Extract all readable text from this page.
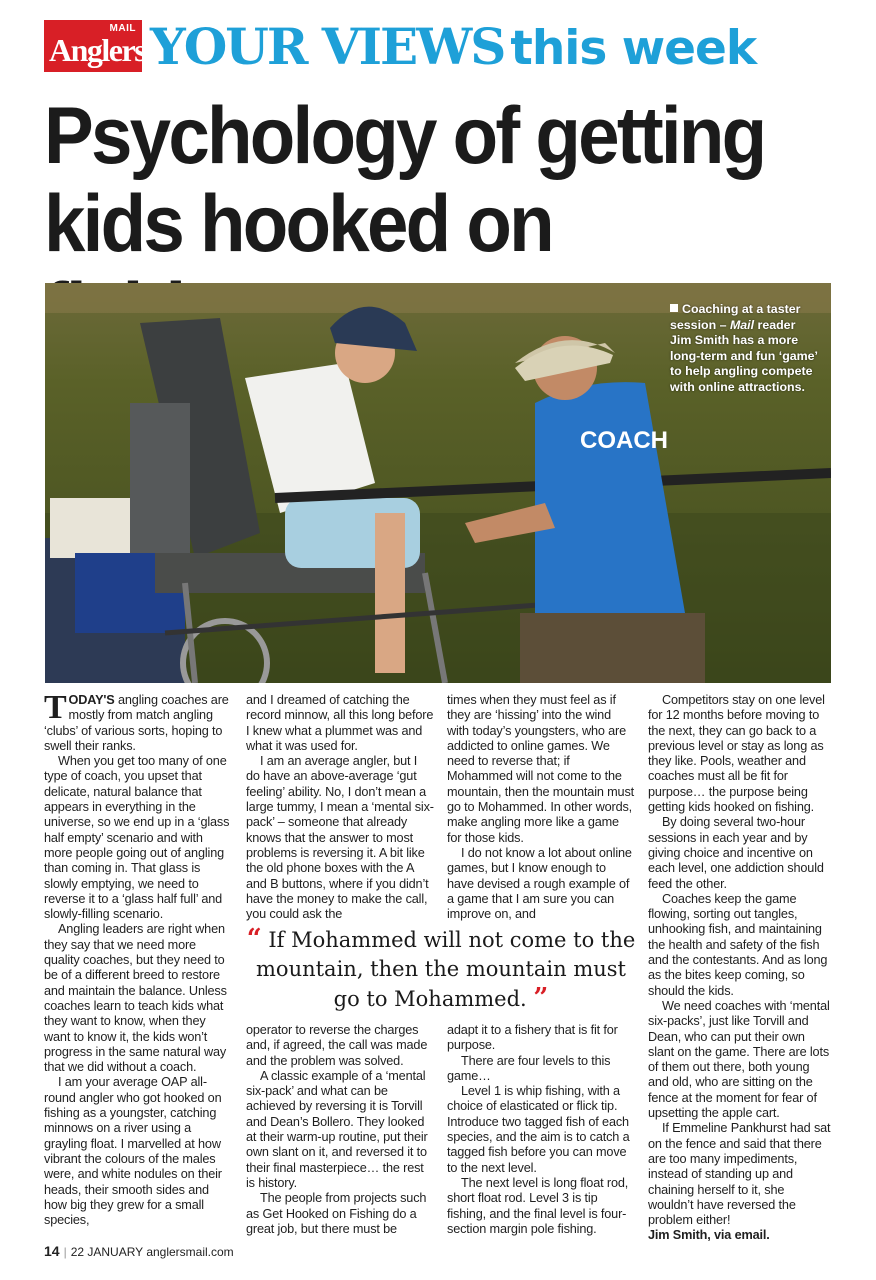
MAIL
Anglers YOUR VIEWS this week
Psychology of getting
kids hooked on
COACH
Coaching at a taster session – Mail reader Jim Smith has a more long-term and fun ‘game’ to help angling compete with online attractions.

TODAY'S angling coaches are mostly from match angling ‘clubs’ of various sorts, hoping to swell their ranks.

When you get too many of one type of coach, you upset that delicate, natural balance that appears in everything in the universe, so we end up in a ‘glass half empty’ scenario and with more people going out of angling than coming in. That glass is slowly emptying, we need to reverse it to a ‘glass half full’ and slowly-filling scenario.

Angling leaders are right when they say that we need more quality coaches, but they need to be of a different breed to restore and maintain the balance. Unless coaches learn to teach kids what they want to know, when they want to know it, the kids won’t progress in the same natural way that we did without a coach.

I am your average OAP all-round angler who got hooked on fishing as a youngster, catching minnows on a river using a grayling float. I marvelled at how vibrant the colours of the males were, and white nodules on their heads, their smooth sides and how big they grew for a small species,

and I dreamed of catching the record minnow, all this long before I knew what a plummet was and what it was used for.

I am an average angler, but I do have an above-average ‘gut feeling’ ability. No, I don’t mean a large tummy, I mean a ‘mental six-pack’ – someone that already knows that the answer to most problems is reversing it. A bit like the old phone boxes with the A and B buttons, where if you didn’t have the money to make the call, you could ask the

times when they must feel as if they are ‘hissing’ into the wind with today’s youngsters, who are addicted to online games. We need to reverse that; if Mohammed will not come to the mountain, then the mountain must go to Mohammed. In other words, make angling more like a game for those kids.

I do not know a lot about online games, but I know enough to have devised a rough example of a game that I am sure you can improve on, and

“ If Mohammed will not come to the mountain, then the mountain must go to Mohammed. ”

operator to reverse the charges and, if agreed, the call was made and the problem was solved.

A classic example of a ‘mental six-pack’ and what can be achieved by reversing it is Torvill and Dean’s Bollero. They looked at their warm-up routine, put their own slant on it, and reversed it to their final masterpiece… the rest is history.

The people from projects such as Get Hooked on Fishing do a great job, but there must be

adapt it to a fishery that is fit for purpose.

There are four levels to this game…

Level 1 is whip fishing, with a choice of elasticated or flick tip. Introduce two tagged fish of each species, and the aim is to catch a tagged fish before you can move to the next level.

The next level is long float rod, short float rod. Level 3 is tip fishing, and the final level is four-section margin pole fishing.

Competitors stay on one level for 12 months before moving to the next, they can go back to a previous level or stay as long as they like. Pools, weather and coaches must all be fit for purpose… the purpose being getting kids hooked on fishing.

By doing several two-hour sessions in each year and by giving choice and incentive on each level, one addiction should feed the other.

Coaches keep the game flowing, sorting out tangles, unhooking fish, and maintaining the health and safety of the fish and the contestants. And as long as the bites keep coming, so should the kids.

We need coaches with ‘mental six-packs’, just like Torvill and Dean, who can put their own slant on the game. There are lots of them out there, both young and old, who are sitting on the fence at the moment for fear of upsetting the apple cart.

If Emmeline Pankhurst had sat on the fence and said that there are too many impediments, instead of standing up and chaining herself to it, she wouldn’t have reversed the problem either!

Jim Smith, via email.

14 | 22 JANUARY anglersmail.com
